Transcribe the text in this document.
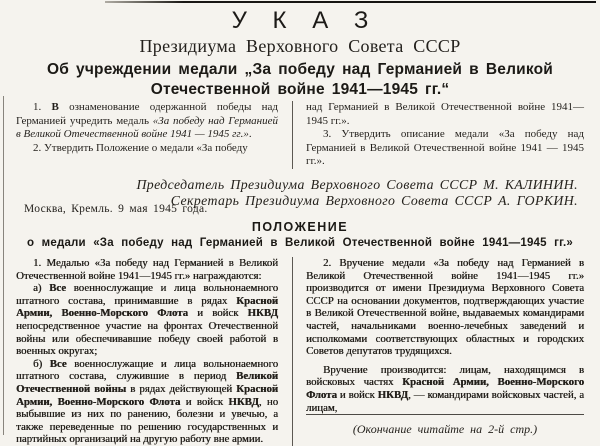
У К А З
Президиума Верховного Совета СССР
Об учреждении медали „За победу над Германией в Великой Отечественной войне 1941—1945 гг.“

1. В ознаменование одержанной победы над Германией учредить медаль «За победу над Германией в Великой Отечественной войне 1941 — 1945 гг.».

2. Утвердить Положение о медали «За победу

над Германией в Великой Отечественной войне 1941—1945 гг.».

3. Утвердить описание медали «За победу над Германией в Великой Отечественной войне 1941 — 1945 гг.».

Председатель Президиума Верховного Совета СССР М. КАЛИНИН.
Секретарь Президиума Верховного Совета СССР А. ГОРКИН.
Москва, Кремль. 9 мая 1945 года.
ПОЛОЖЕНИЕ
о медали «За победу над Германией в Великой Отечественной войне 1941—1945 гг.»

1. Медалью «За победу над Германией в Великой Отечественной войне 1941—1945 гг.» награждаются:

а) Все военнослужащие и лица вольнонаемного штатного состава, принимавшие в рядах Красной Армии, Военно-Морского Флота и войск НКВД непосредственное участие на фронтах Отечественной войны или обеспечивавшие победу своей работой в военных округах;

б) Все военнослужащие и лица вольнонаемного штатного состава, служившие в период Великой Отечественной войны в рядах действующей Красной Армии, Военно-Морского Флота и войск НКВД, но выбывшие из них по ранению, болезни и увечью, а также переведенные по решению государственных и партийных организаций на другую работу вне армии.

2. Вручение медали «За победу над Германией в Великой Отечественной войне 1941—1945 гг.» производится от имени Президиума Верховного Совета СССР на основании документов, подтверждающих участие в Великой Отечественной войне, выдаваемых командирами частей, начальниками военно-лечебных заведений и исполкомами соответствующих областных и городских Советов депутатов трудящихся.

Вручение производится: лицам, находящимся в войсковых частях Красной Армии, Военно-Морского Флота и войск НКВД, — командирами войсковых частей, а лицам,

(Окончание читайте на 2-й стр.)
